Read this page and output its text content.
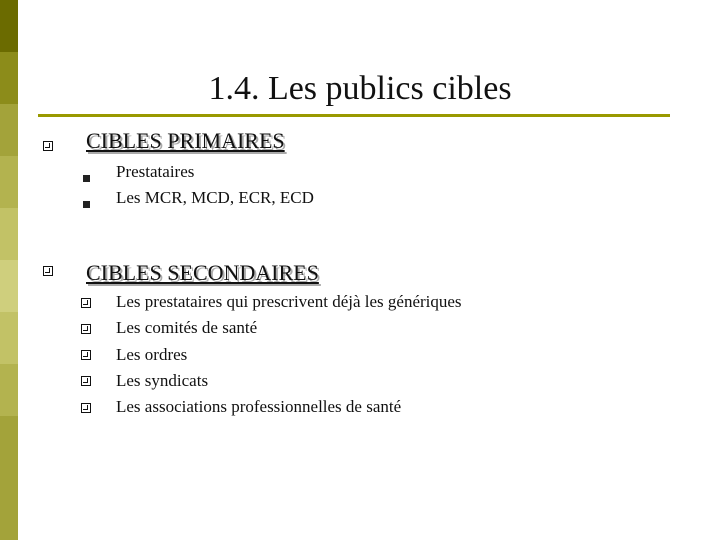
1.4. Les publics cibles
CIBLES PRIMAIRES
Prestataires
Les MCR, MCD, ECR, ECD
CIBLES SECONDAIRES
Les prestataires qui prescrivent déjà les génériques
Les comités de santé
Les ordres
Les syndicats
Les associations professionnelles de santé
